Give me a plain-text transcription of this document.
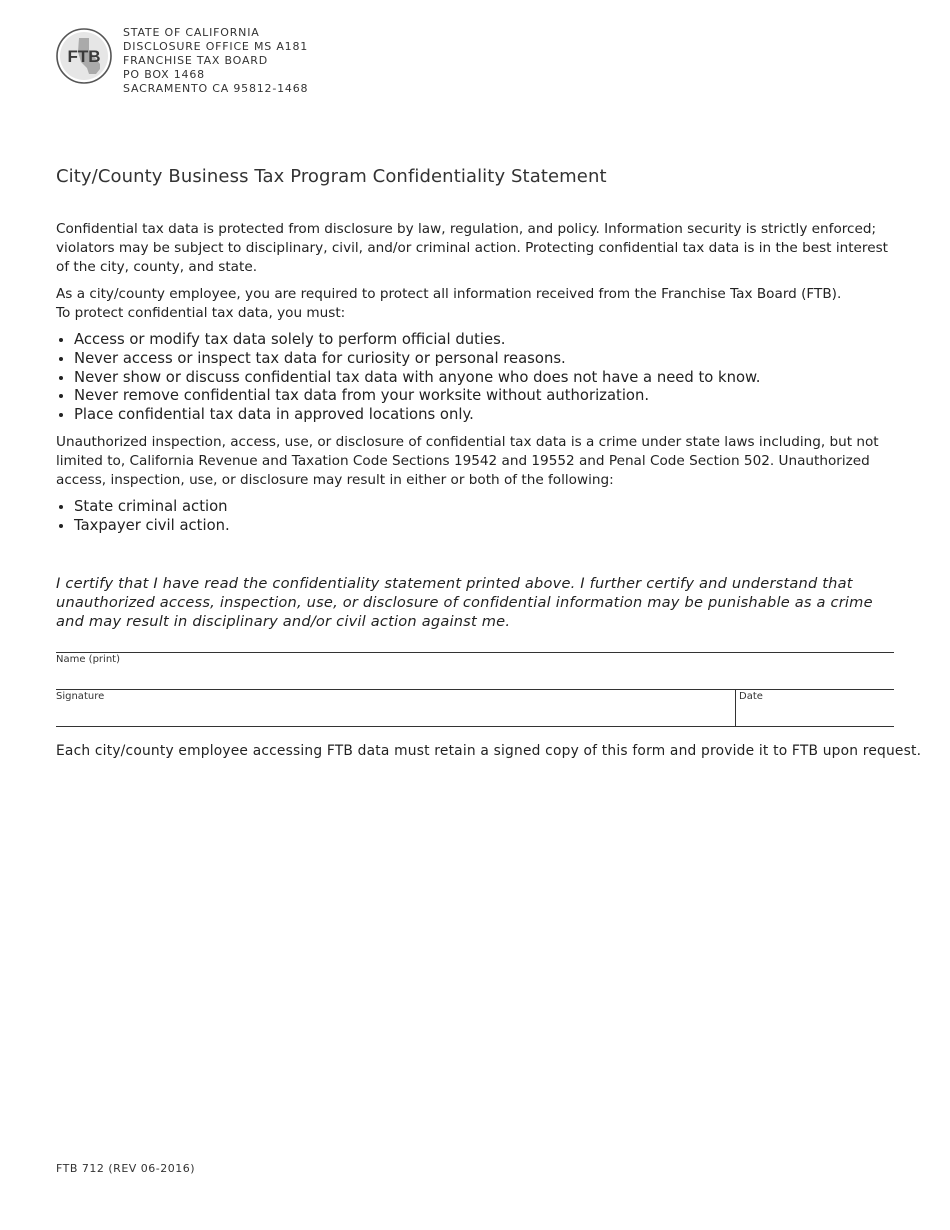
FTB
STATE OF CALIFORNIA
DISCLOSURE OFFICE MS A181
FRANCHISE TAX BOARD
PO BOX 1468
SACRAMENTO CA 95812-1468
City/County Business Tax Program Confidentiality Statement

Confidential tax data is protected from disclosure by law, regulation, and policy. Information security is strictly enforced; violators may be subject to disciplinary, civil, and/or criminal action. Protecting confidential tax data is in the best interest of the city, county, and state.

As a city/county employee, you are required to protect all information received from the Franchise Tax Board (FTB).
To protect confidential tax data, you must:

• Access or modify tax data solely to perform official duties.
• Never access or inspect tax data for curiosity or personal reasons.
• Never show or discuss confidential tax data with anyone who does not have a need to know.
• Never remove confidential tax data from your worksite without authorization.
• Place confidential tax data in approved locations only.

Unauthorized inspection, access, use, or disclosure of confidential tax data is a crime under state laws including, but not limited to, California Revenue and Taxation Code Sections 19542 and 19552 and Penal Code Section 502. Unauthorized access, inspection, use, or disclosure may result in either or both of the following:

• State criminal action
• Taxpayer civil action.

I certify that I have read the confidentiality statement printed above. I further certify and understand that unauthorized access, inspection, use, or disclosure of confidential information may be punishable as a crime and may result in disciplinary and/or civil action against me.

Name (print)
Signature	Date

Each city/county employee accessing FTB data must retain a signed copy of this form and provide it to FTB upon request.

FTB 712 (REV 06-2016)
